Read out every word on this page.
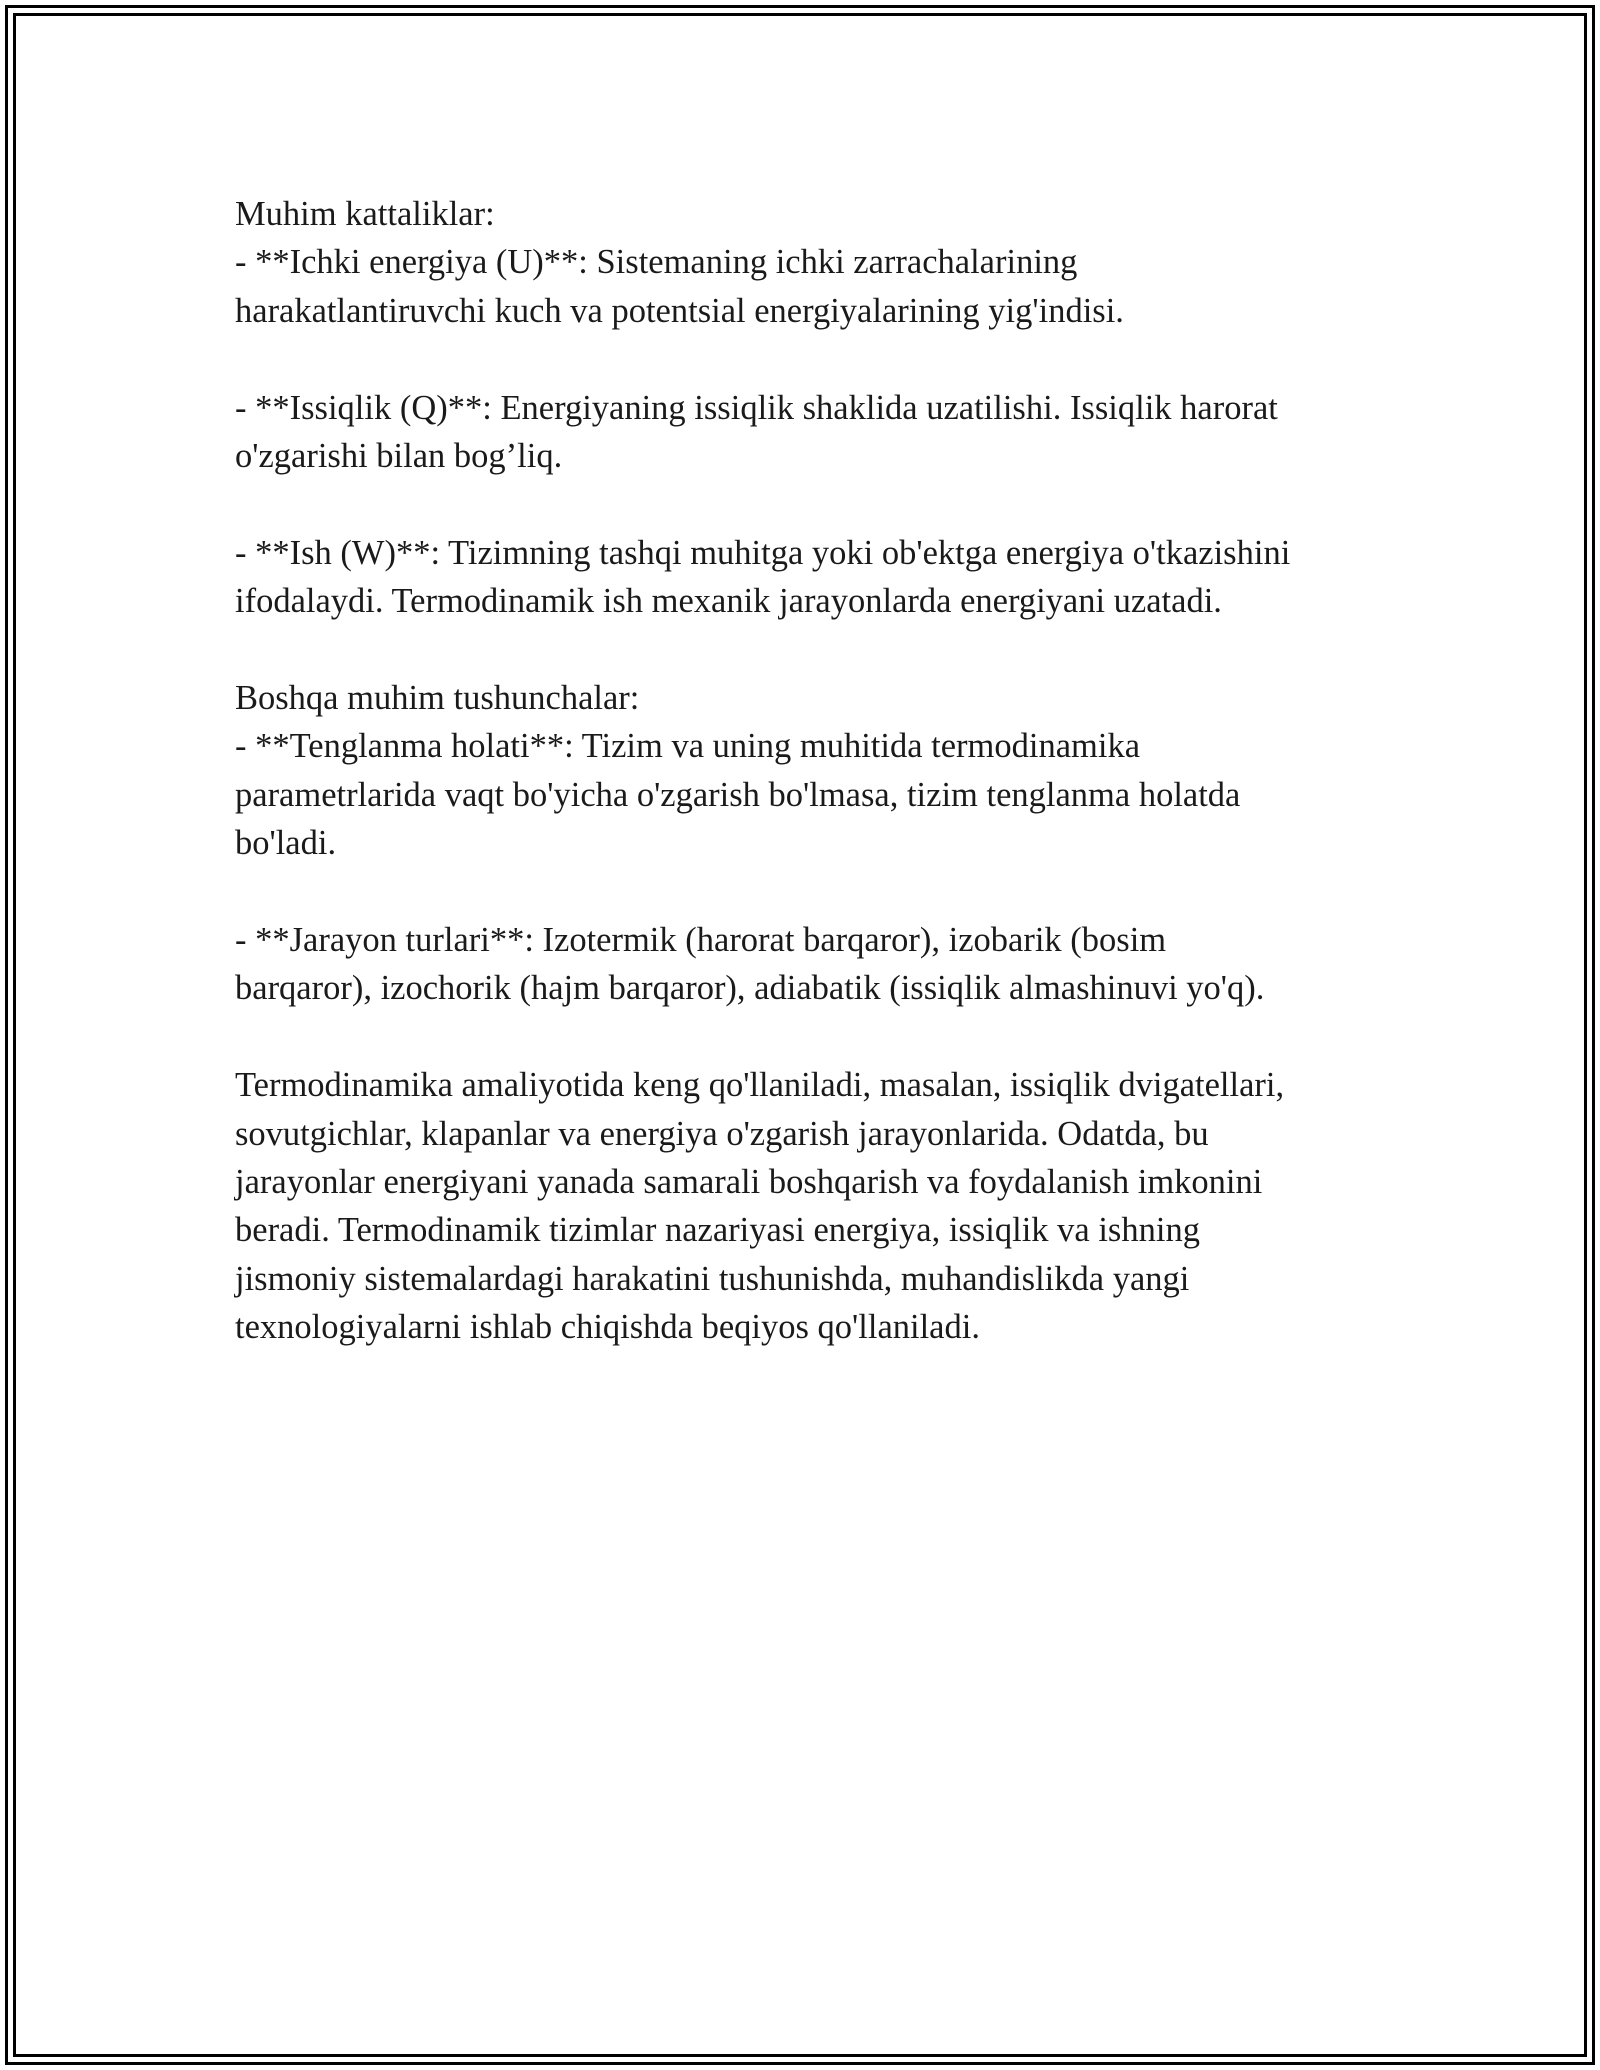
Muhim kattaliklar:

- **Ichki energiya (U)**: Sistemaning ichki zarrachalarining
harakatlantiruvchi kuch va potentsial energiyalarining yig'indisi.

- **Issiqlik (Q)**: Energiyaning issiqlik shaklida uzatilishi. Issiqlik harorat
o'zgarishi bilan bog’liq.

- **Ish (W)**: Tizimning tashqi muhitga yoki ob'ektga energiya o'tkazishini
ifodalaydi. Termodinamik ish mexanik jarayonlarda energiyani uzatadi.

Boshqa muhim tushunchalar:

- **Tenglanma holati**: Tizim va uning muhitida termodinamika
parametrlarida vaqt bo'yicha o'zgarish bo'lmasa, tizim tenglanma holatda
bo'ladi.

- **Jarayon turlari**: Izotermik (harorat barqaror), izobarik (bosim
barqaror), izochorik (hajm barqaror), adiabatik (issiqlik almashinuvi yo'q).

Termodinamika amaliyotida keng qo'llaniladi, masalan, issiqlik dvigatellari,
sovutgichlar, klapanlar va energiya o'zgarish jarayonlarida. Odatda, bu
jarayonlar energiyani yanada samarali boshqarish va foydalanish imkonini
beradi. Termodinamik tizimlar nazariyasi energiya, issiqlik va ishning
jismoniy sistemalardagi harakatini tushunishda, muhandislikda yangi
texnologiyalarni ishlab chiqishda beqiyos qo'llaniladi.
